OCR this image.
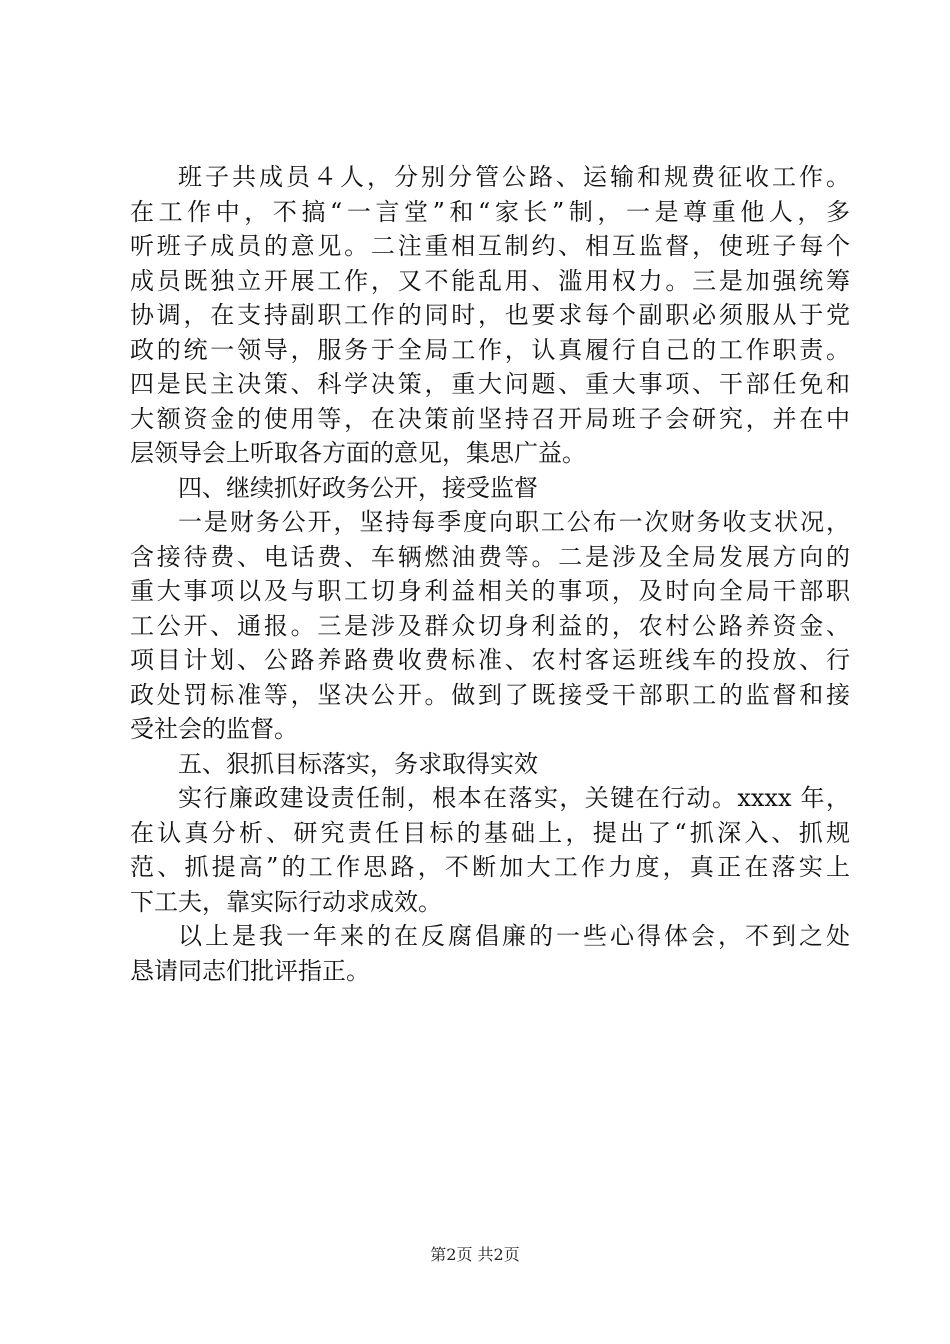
班子共成员４人，分别分管公路、运输和规费征收工作。
在工作中，不搞“一言堂”和“家长”制，一是尊重他人，多
听班子成员的意见。二注重相互制约、相互监督，使班子每个
成员既独立开展工作，又不能乱用、滥用权力。三是加强统筹
协调，在支持副职工作的同时，也要求每个副职必须服从于党
政的统一领导，服务于全局工作，认真履行自己的工作职责。
四是民主决策、科学决策，重大问题、重大事项、干部任免和
大额资金的使用等，在决策前坚持召开局班子会研究，并在中
层领导会上听取各方面的意见，集思广益。
四、继续抓好政务公开，接受监督
一是财务公开，坚持每季度向职工公布一次财务收支状况，
含接待费、电话费、车辆燃油费等。二是涉及全局发展方向的
重大事项以及与职工切身利益相关的事项，及时向全局干部职
工公开、通报。三是涉及群众切身利益的，农村公路养资金、
项目计划、公路养路费收费标准、农村客运班线车的投放、行
政处罚标准等，坚决公开。做到了既接受干部职工的监督和接
受社会的监督。
五、狠抓目标落实，务求取得实效
实行廉政建设责任制，根本在落实，关键在行动。xxxx 年，
在认真分析、研究责任目标的基础上，提出了“抓深入、抓规
范、抓提高”的工作思路，不断加大工作力度，真正在落实上
下工夫，靠实际行动求成效。
以上是我一年来的在反腐倡廉的一些心得体会，不到之处
恳请同志们批评指正。
第2页 共2页
